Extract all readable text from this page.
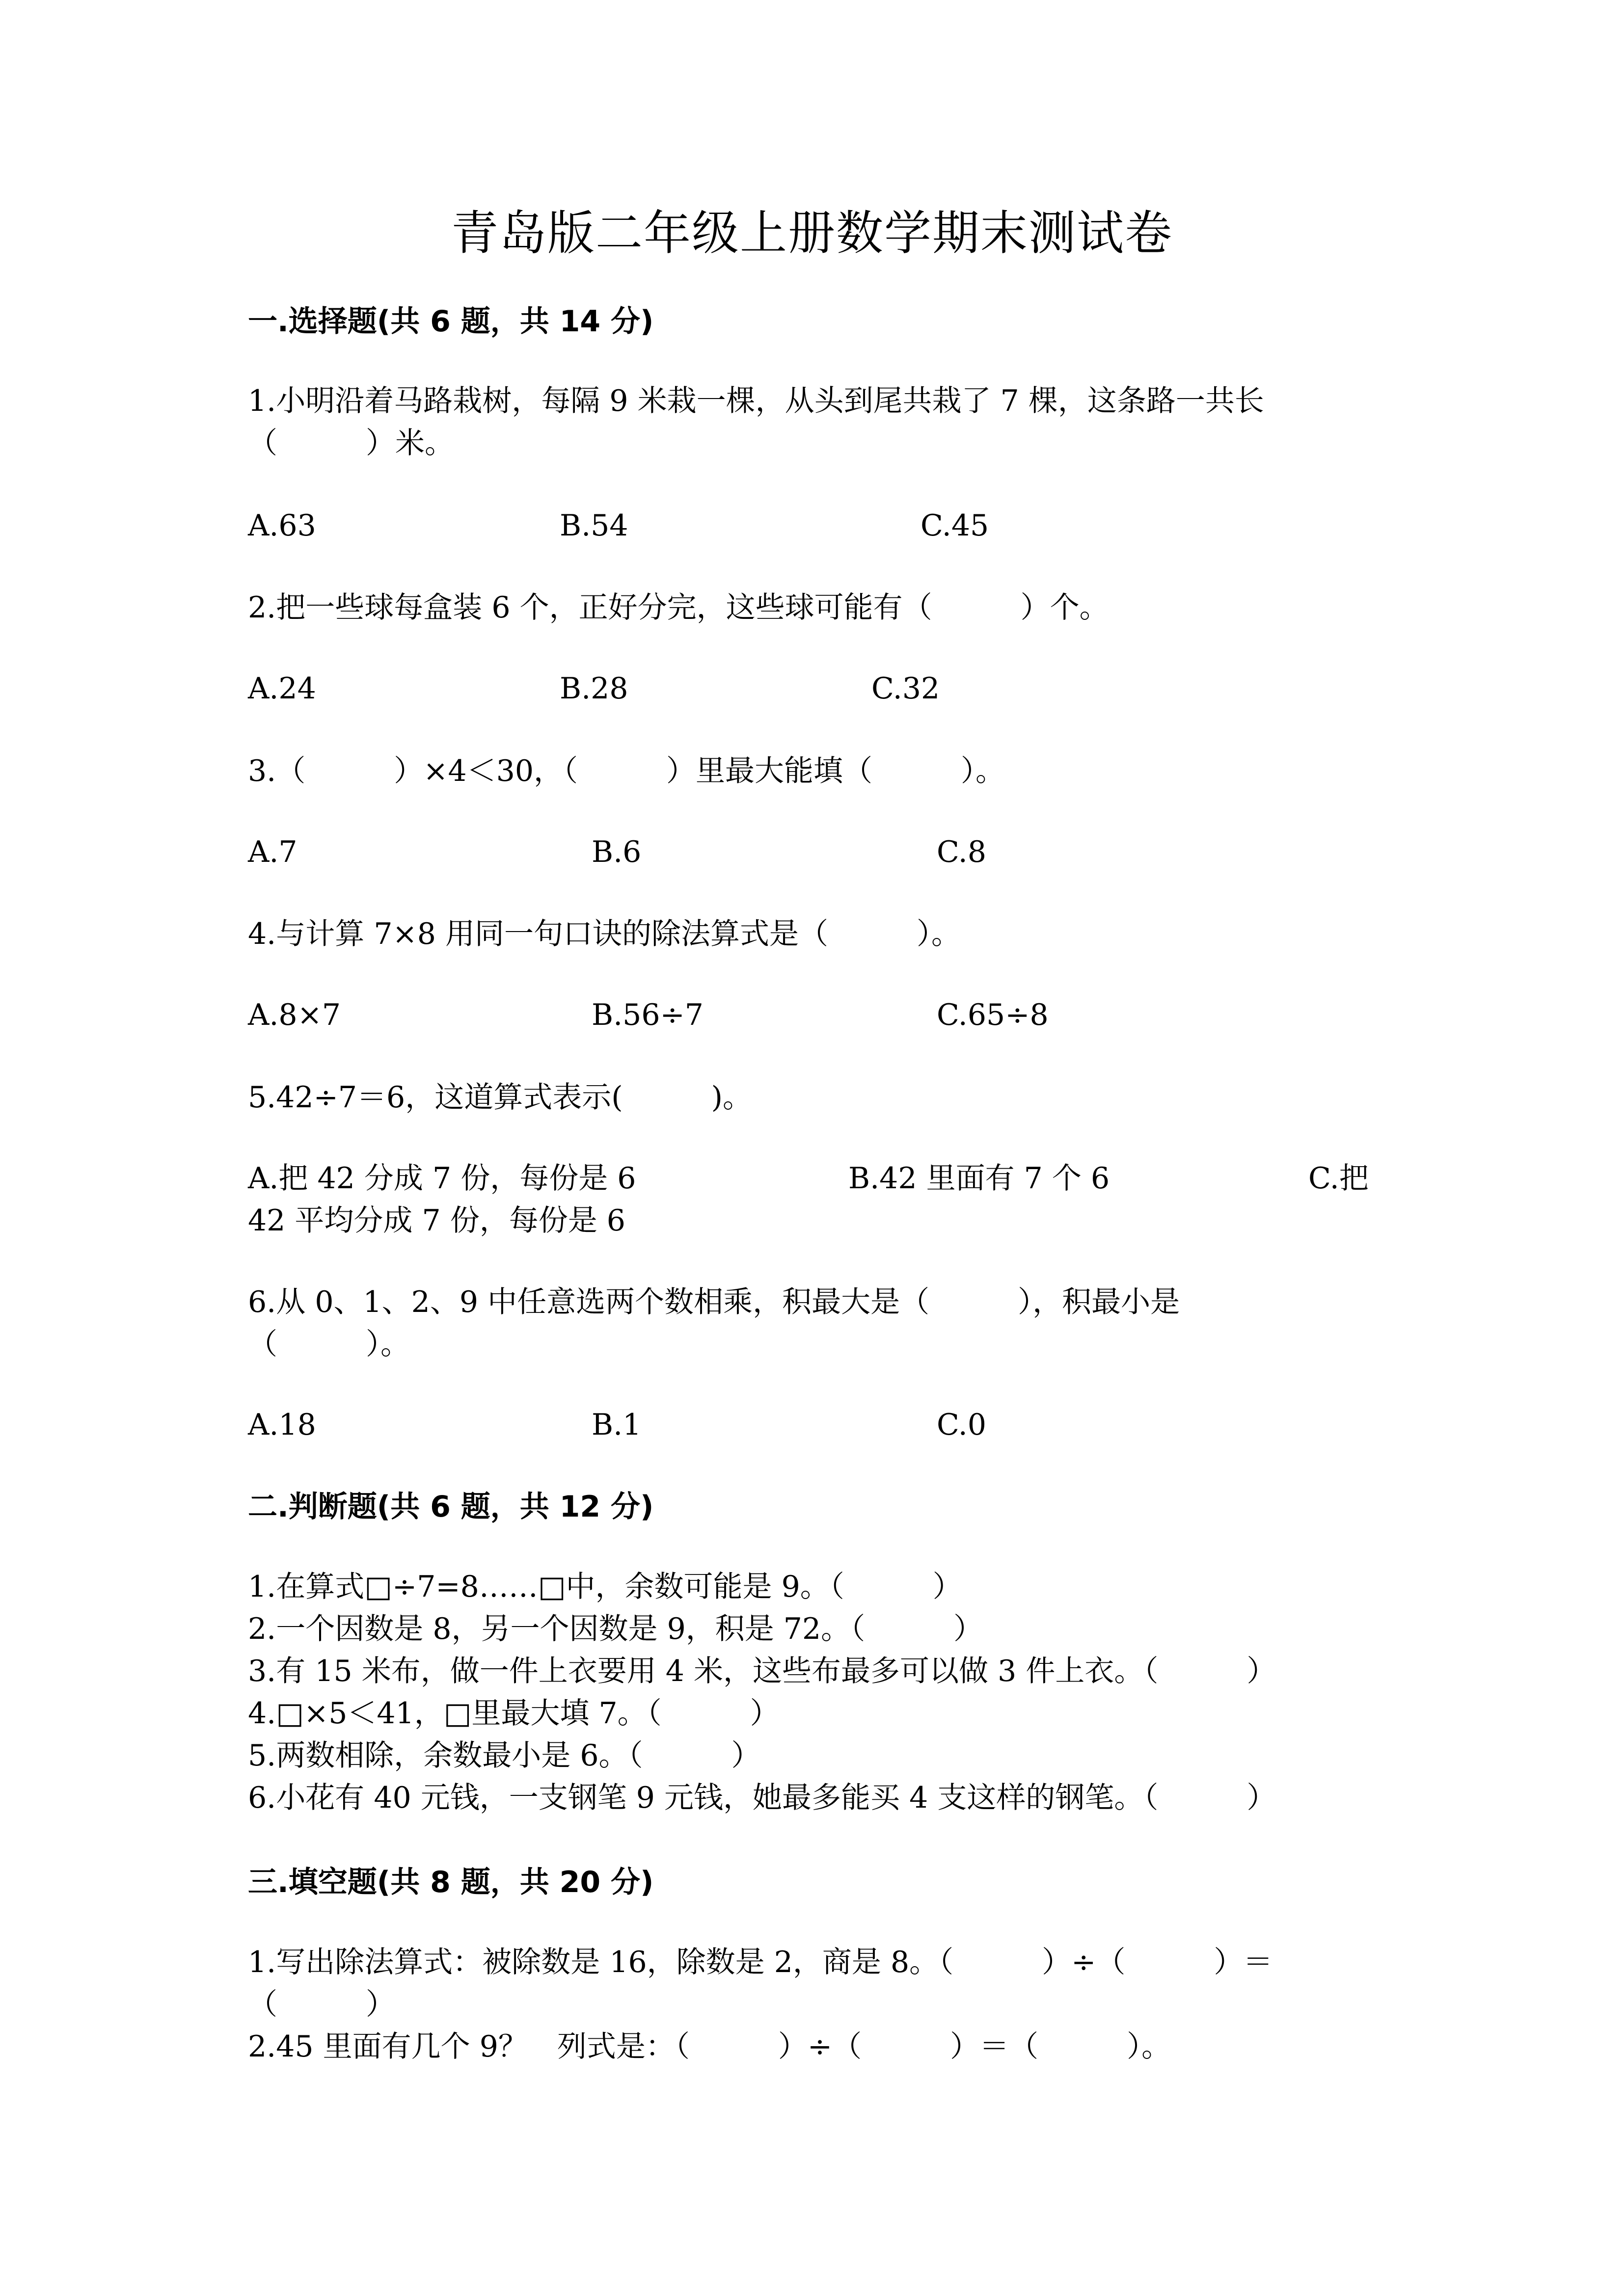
青岛版二年级上册数学期末测试卷
一.选择题(共 6 题，共 14 分)
1.小明沿着马路栽树，每隔 9 米栽一棵，从头到尾共栽了 7 棵，这条路一共长
（　　　）米。
A.63	B.54	C.45
2.把一些球每盒装 6 个，正好分完，这些球可能有（　　　）个。
A.24	B.28	C.32
3.（　　　）×4＜30，（　　　）里最大能填（　　　）。
A.7	B.6	C.8
4.与计算 7×8 用同一句口诀的除法算式是（　　　）。
A.8×7	B.56÷7	C.65÷8
5.42÷7＝6，这道算式表示(　　　)。
A.把 42 分成 7 份，每份是 6	B.42 里面有 7 个 6	C.把
42 平均分成 7 份，每份是 6
6.从 0、1、2、9 中任意选两个数相乘，积最大是（　　　），积最小是
（　　　）。
A.18	B.1	C.0
二.判断题(共 6 题，共 12 分)
1.在算式□÷7=8……□中，余数可能是 9。（　　　）
2.一个因数是 8，另一个因数是 9，积是 72。（　　　）
3.有 15 米布，做一件上衣要用 4 米，这些布最多可以做 3 件上衣。（　　　）
4.□×5＜41，□里最大填 7。（　　　）
5.两数相除，余数最小是 6。（　　　）
6.小花有 40 元钱，一支钢笔 9 元钱，她最多能买 4 支这样的钢笔。（　　　）
三.填空题(共 8 题，共 20 分)
1.写出除法算式：被除数是 16，除数是 2，商是 8。（　　　）÷（　　　）＝
（　　　）
2.45 里面有几个 9？　列式是：（　　　）÷（　　　）＝（　　　）。
